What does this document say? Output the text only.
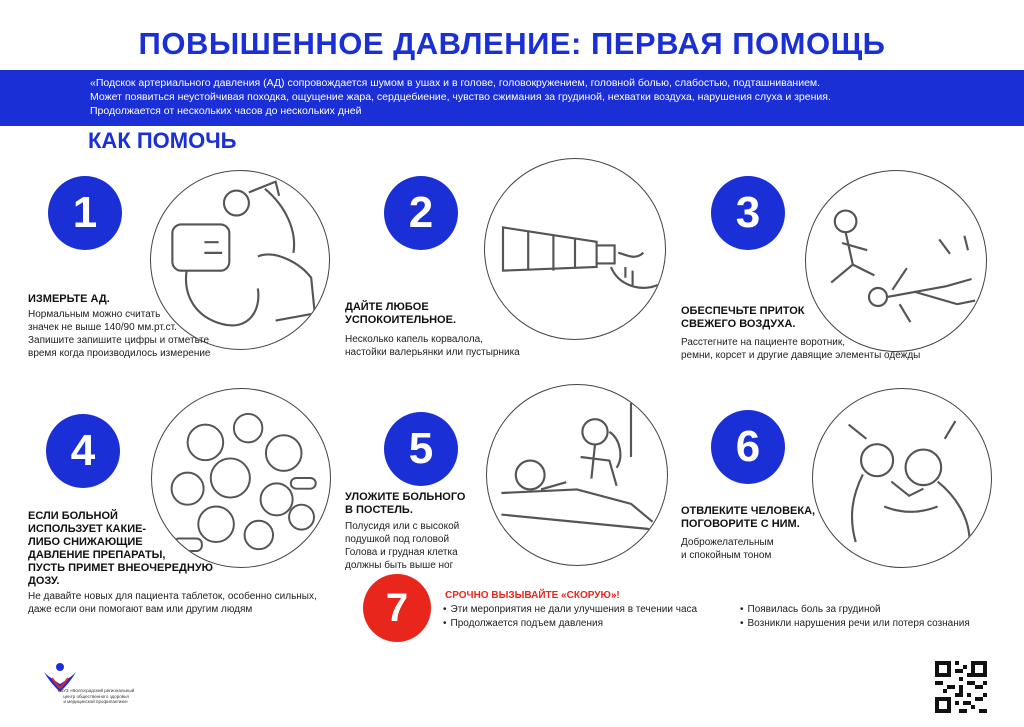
ПОВЫШЕННОЕ ДАВЛЕНИЕ: ПЕРВАЯ ПОМОЩЬ
«Подскок артериального давления (АД) сопровождается шумом в ушах и в голове, головокружением, головной болью, слабостью, подташниванием.
Может появиться неустойчивая походка, ощущение жара, сердцебиение, чувство сжимания за грудиной, нехватки воздуха, нарушения слуха и зрения.
Продолжается от нескольких часов до нескольких дней
КАК ПОМОЧЬ
1
ИЗМЕРЬТЕ АД.
Нормальным можно считать
значек не выше 140/90 мм.рт.ст.
Запишите запишите цифры и отметьте
время когда производилось измерение
2
ДАЙТЕ ЛЮБОЕ
УСПОКОИТЕЛЬНОЕ.
Несколько капель корвалола,
настойки валерьянки или пустырника
3
ОБЕСПЕЧЬТЕ ПРИТОК
СВЕЖЕГО ВОЗДУХА.
Расстегните на пациенте воротник,
ремни, корсет и другие давящие элементы одежды
4
ЕСЛИ БОЛЬНОЙ
ИСПОЛЬЗУЕТ КАКИЕ-
ЛИБО СНИЖАЮЩИЕ
ДАВЛЕНИЕ ПРЕПАРАТЫ,
ПУСТЬ ПРИМЕТ ВНЕОЧЕРЕДНУЮ
ДОЗУ.
Не давайте новых для пациента таблеток, особенно сильных,
даже если они помогают вам или другим людям
5
УЛОЖИТЕ БОЛЬНОГО
В ПОСТЕЛЬ.
Полусидя или с высокой
подушкой под головой
Голова и грудная клетка
должны быть выше ног
6
ОТВЛЕКИТЕ ЧЕЛОВЕКА,
ПОГОВОРИТЕ С НИМ.
Доброжелательным
и спокойным тоном
7	СРОЧНО ВЫЗЫВАЙТЕ «СКОРУЮ»!
• Эти мероприятия не дали улучшения в течении часа
• Продолжается подъем давления
• Появилась боль за грудиной
• Возникли нарушения речи или потеря сознания
ГБУЗ «Волгоградский региональный
центр общественного здоровья
и медицинской профилактики»
